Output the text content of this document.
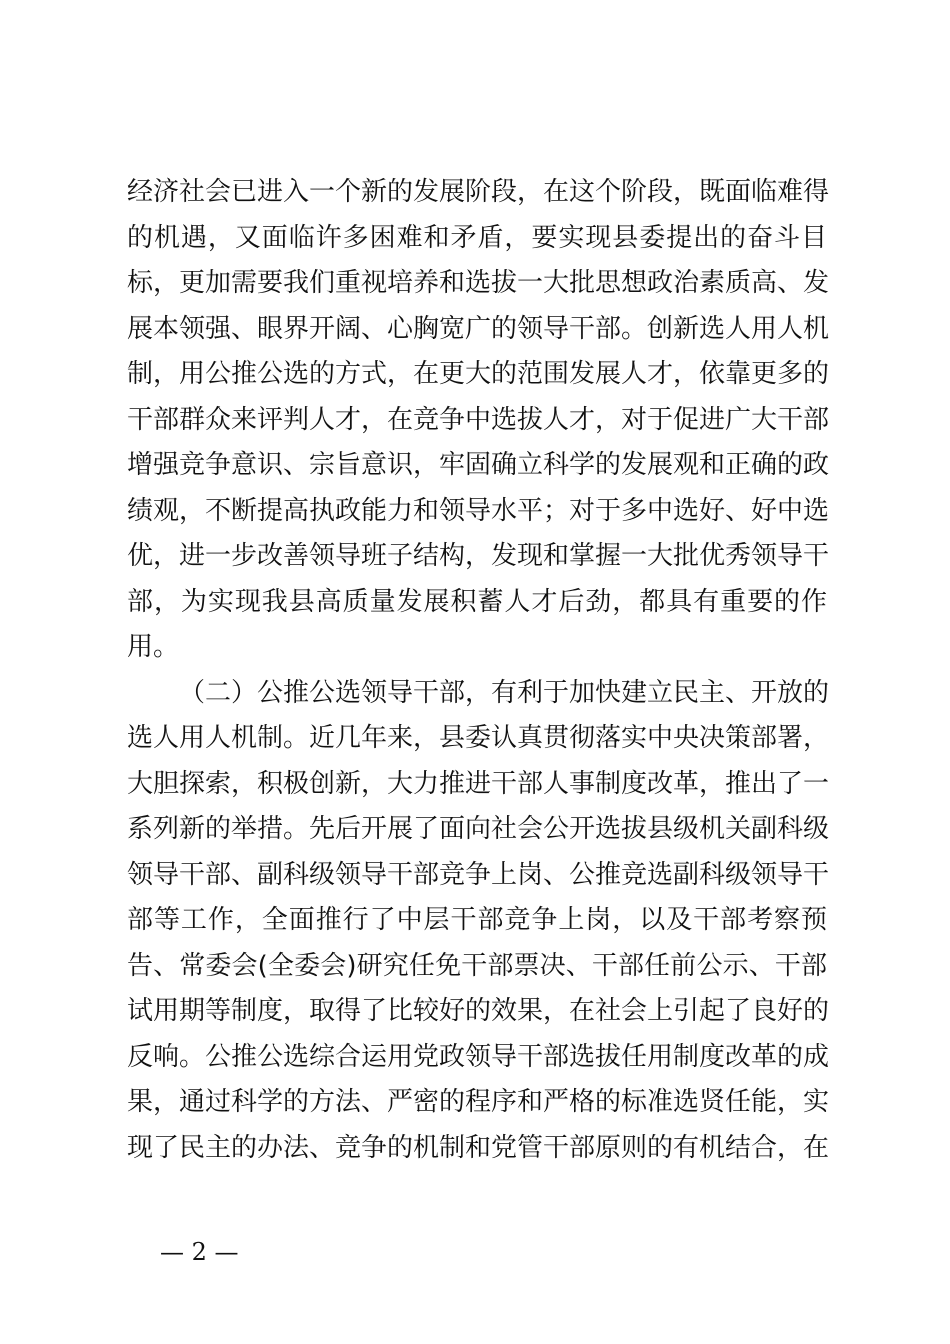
经济社会已进入一个新的发展阶段，在这个阶段，既面临难得
的机遇，又面临许多困难和矛盾，要实现县委提出的奋斗目
标，更加需要我们重视培养和选拔一大批思想政治素质高、发
展本领强、眼界开阔、心胸宽广的领导干部。创新选人用人机
制，用公推公选的方式，在更大的范围发展人才，依靠更多的
干部群众来评判人才，在竞争中选拔人才，对于促进广大干部
增强竞争意识、宗旨意识，牢固确立科学的发展观和正确的政
绩观，不断提高执政能力和领导水平；对于多中选好、好中选
优，进一步改善领导班子结构，发现和掌握一大批优秀领导干
部，为实现我县高质量发展积蓄人才后劲，都具有重要的作
用。
（二）公推公选领导干部，有利于加快建立民主、开放的
选人用人机制。近几年来，县委认真贯彻落实中央决策部署，
大胆探索，积极创新，大力推进干部人事制度改革，推出了一
系列新的举措。先后开展了面向社会公开选拔县级机关副科级
领导干部、副科级领导干部竞争上岗、公推竞选副科级领导干
部等工作，全面推行了中层干部竞争上岗，以及干部考察预
告、常委会(全委会)研究任免干部票决、干部任前公示、干部
试用期等制度，取得了比较好的效果，在社会上引起了良好的
反响。公推公选综合运用党政领导干部选拔任用制度改革的成
果，通过科学的方法、严密的程序和严格的标准选贤任能，实
现了民主的办法、竞争的机制和党管干部原则的有机结合，在
— 2 —
